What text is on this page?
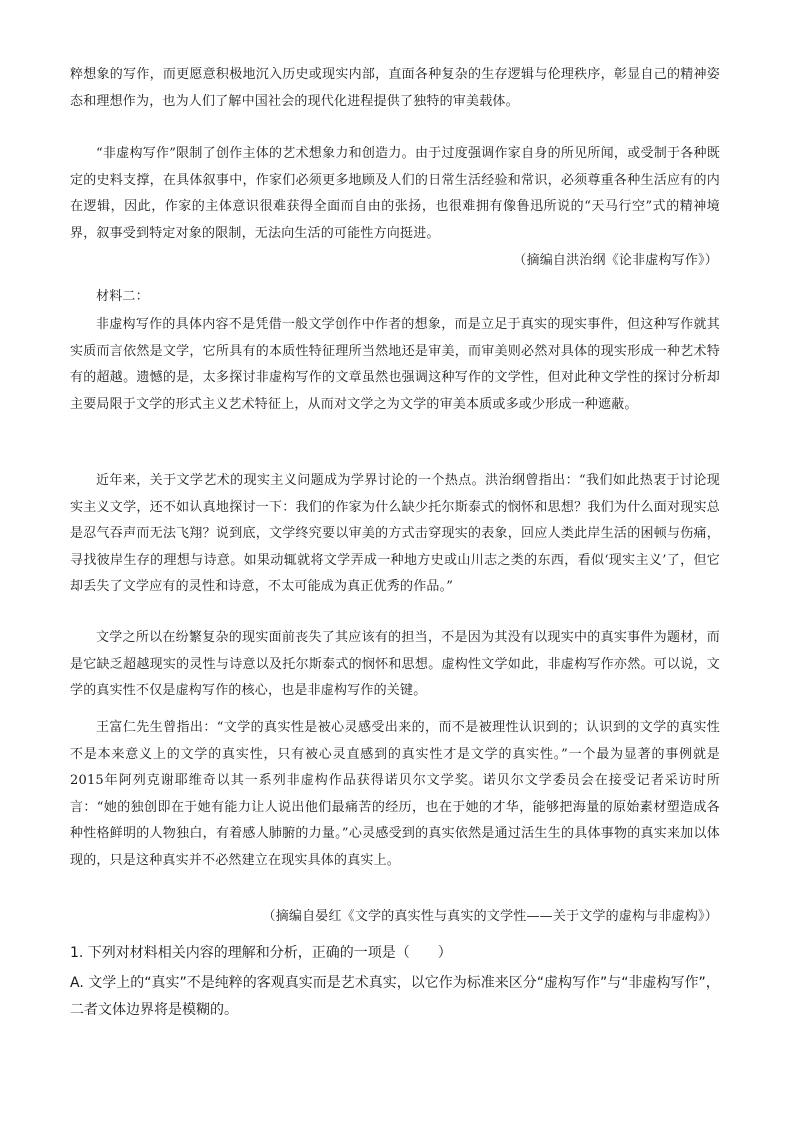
粹想象的写作，而更愿意积极地沉入历史或现实内部，直面各种复杂的生存逻辑与伦理秩序，彰显自己的精神姿态和理想作为，也为人们了解中国社会的现代化进程提供了独特的审美载体。

“非虚构写作”限制了创作主体的艺术想象力和创造力。由于过度强调作家自身的所见所闻，或受制于各种既定的史料支撑，在具体叙事中，作家们必须更多地顾及人们的日常生活经验和常识，必须尊重各种生活应有的内在逻辑，因此，作家的主体意识很难获得全面而自由的张扬，也很难拥有像鲁迅所说的“天马行空”式的精神境界，叙事受到特定对象的限制，无法向生活的可能性方向挺进。

（摘编自洪治纲《论非虚构写作》）

材料二：

非虚构写作的具体内容不是凭借一般文学创作中作者的想象，而是立足于真实的现实事件，但这种写作就其实质而言依然是文学，它所具有的本质性特征理所当然地还是审美，而审美则必然对具体的现实形成一种艺术特有的超越。遗憾的是，太多探讨非虚构写作的文章虽然也强调这种写作的文学性，但对此种文学性的探讨分析却主要局限于文学的形式主义艺术特征上，从而对文学之为文学的审美本质或多或少形成一种遮蔽。

近年来，关于文学艺术的现实主义问题成为学界讨论的一个热点。洪治纲曾指出：“我们如此热衷于讨论现实主义文学，还不如认真地探讨一下：我们的作家为什么缺少托尔斯泰式的悯怀和思想？我们为什么面对现实总是忍气吞声而无法飞翔？说到底，文学终究要以审美的方式击穿现实的表象，回应人类此岸生活的困顿与伤痛，寻找彼岸生存的理想与诗意。如果动辄就将文学弄成一种地方史或山川志之类的东西，看似‘现实主义’了，但它却丢失了文学应有的灵性和诗意，不太可能成为真正优秀的作品。”

文学之所以在纷繁复杂的现实面前丧失了其应该有的担当，不是因为其没有以现实中的真实事件为题材，而是它缺乏超越现实的灵性与诗意以及托尔斯泰式的悯怀和思想。虚构性文学如此，非虚构写作亦然。可以说，文学的真实性不仅是虚构写作的核心，也是非虚构写作的关键。

王富仁先生曾指出：“文学的真实性是被心灵感受出来的，而不是被理性认识到的；认识到的文学的真实性不是本来意义上的文学的真实性，只有被心灵直感到的真实性才是文学的真实性。”一个最为显著的事例就是2015年阿列克谢耶维奇以其一系列非虚构作品获得诺贝尔文学奖。诺贝尔文学委员会在接受记者采访时所言：“她的独创即在于她有能力让人说出他们最痛苦的经历，也在于她的才华，能够把海量的原始素材塑造成各种性格鲜明的人物独白，有着感人肺腑的力量。”心灵感受到的真实依然是通过活生生的具体事物的真实来加以体现的，只是这种真实并不必然建立在现实具体的真实上。

（摘编自晏红《文学的真实性与真实的文学性——关于文学的虚构与非虚构》）

1. 下列对材料相关内容的理解和分析，正确的一项是（　　）

A. 文学上的“真实”不是纯粹的客观真实而是艺术真实，以它作为标准来区分“虚构写作”与“非虚构写作”，二者文体边界将是模糊的。
